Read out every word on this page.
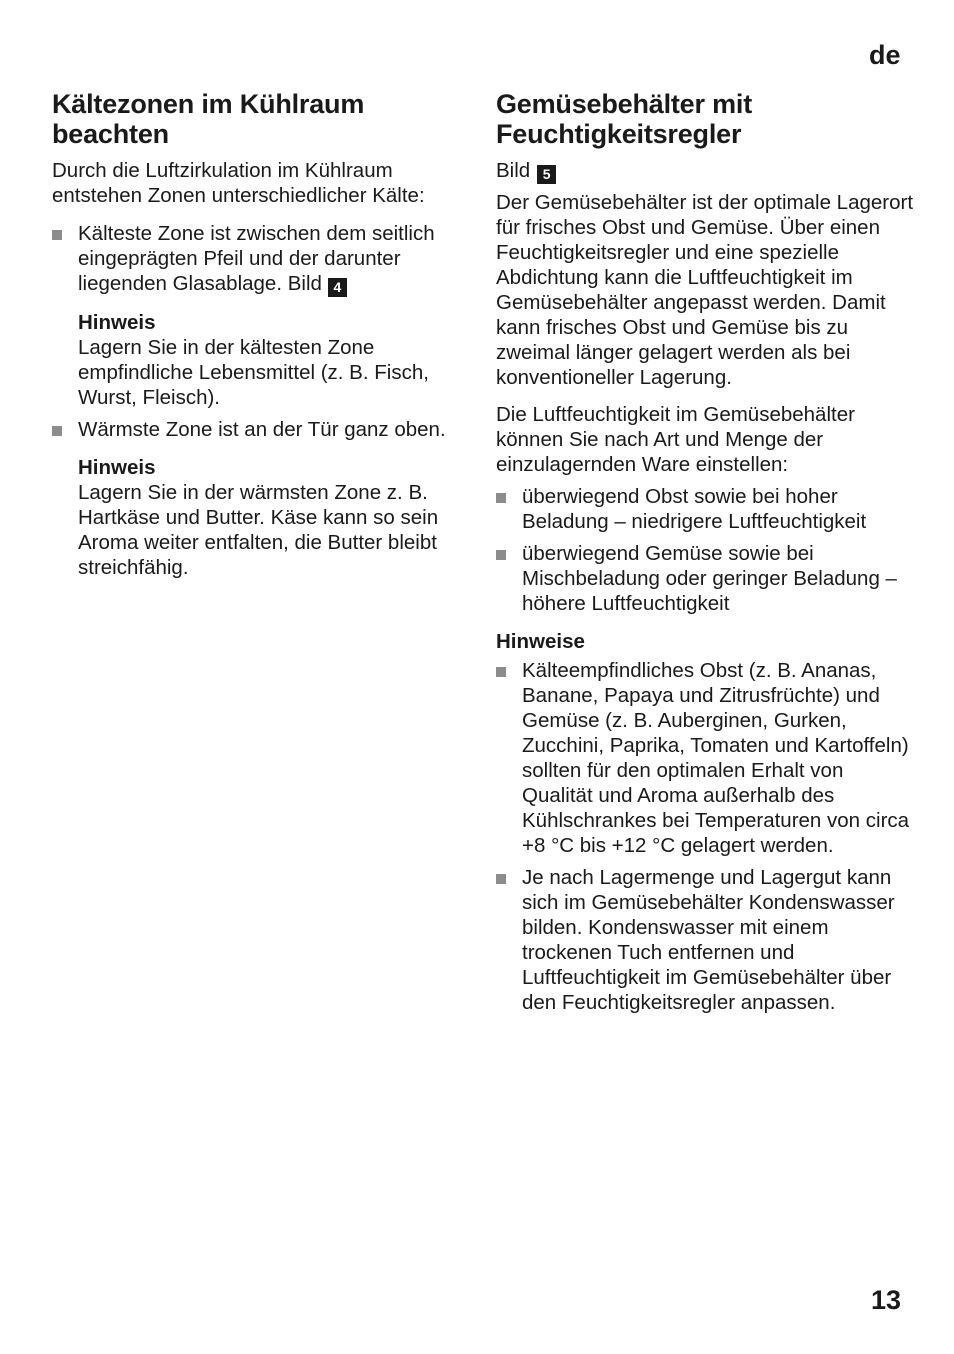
de
Kältezonen im Kühlraum beachten

Durch die Luftzirkulation im Kühlraum entstehen Zonen unterschiedlicher Kälte:

Kälteste Zone ist zwischen dem seitlich eingeprägten Pfeil und der darunter liegenden Glasablage. Bild 4
Hinweis

Lagern Sie in der kältesten Zone empfindliche Lebensmittel (z. B. Fisch, Wurst, Fleisch).

Wärmste Zone ist an der Tür ganz oben.
Hinweis

Lagern Sie in der wärmsten Zone z. B. Hartkäse und Butter. Käse kann so sein Aroma weiter entfalten, die Butter bleibt streichfähig.

Gemüsebehälter mit Feuchtigkeitsregler

Bild 5

Der Gemüsebehälter ist der optimale Lagerort für frisches Obst und Gemüse. Über einen Feuchtigkeitsregler und eine spezielle Abdichtung kann die Luftfeuchtigkeit im Gemüsebehälter angepasst werden. Damit kann frisches Obst und Gemüse bis zu zweimal länger gelagert werden als bei konventioneller Lagerung.

Die Luftfeuchtigkeit im Gemüsebehälter können Sie nach Art und Menge der einzulagernden Ware einstellen:

überwiegend Obst sowie bei hoher Beladung – niedrigere Luftfeuchtigkeit
überwiegend Gemüse sowie bei Mischbeladung oder geringer Beladung – höhere Luftfeuchtigkeit
Hinweise
Kälteempfindliches Obst (z. B. Ananas, Banane, Papaya und Zitrusfrüchte) und Gemüse (z. B. Auberginen, Gurken, Zucchini, Paprika, Tomaten und Kartoffeln) sollten für den optimalen Erhalt von Qualität und Aroma außerhalb des Kühlschrankes bei Temperaturen von circa +8 °C bis +12 °C gelagert werden.
Je nach Lagermenge und Lagergut kann sich im Gemüsebehälter Kondenswasser bilden. Kondenswasser mit einem trockenen Tuch entfernen und Luftfeuchtigkeit im Gemüsebehälter über den Feuchtigkeitsregler anpassen.
13
